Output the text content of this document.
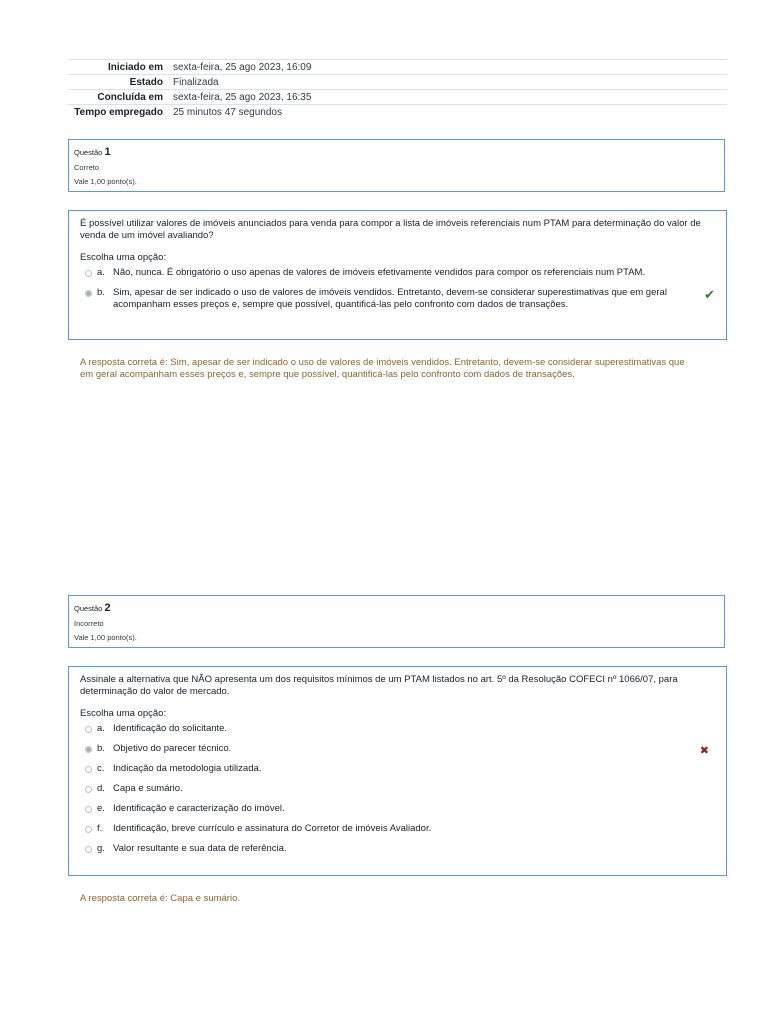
Iniciado em	sexta-feira, 25 ago 2023, 16:09
Estado	Finalizada
Concluída em	sexta-feira, 25 ago 2023, 16:35
Tempo empregado	25 minutos 47 segundos
Questão 1
Correto
Vale 1,00 ponto(s).

É possível utilizar valores de imóveis anunciados para venda para compor a lista de imóveis referenciais num PTAM para determinação do valor de venda de um imóvel avaliando?

Escolha uma opção:
a. Não, nunca. É obrigatório o uso apenas de valores de imóveis efetivamente vendidos para compor os referenciais num PTAM.
b. Sim, apesar de ser indicado o uso de valores de imóveis vendidos. Entretanto, devem-se considerar superestimativas que em geral acompanham esses preços e, sempre que possível, quantificá-las pelo confronto com dados de transações.
✔
A resposta correta é: Sim, apesar de ser indicado o uso de valores de imóveis vendidos. Entretanto, devem-se considerar superestimativas que em geral acompanham esses preços e, sempre que possível, quantificá-las pelo confronto com dados de transações.
Questão 2
Incorreto
Vale 1,00 ponto(s).

Assinale a alternativa que NÃO apresenta um dos requisitos mínimos de um PTAM listados no art. 5º da Resolução COFECI nº 1066/07, para determinação do valor de mercado.

Escolha uma opção:
a. Identificação do solicitante.
b. Objetivo do parecer técnico.	✖
c. Indicação da metodologia utilizada.
d. Capa e sumário.
e. Identificação e caracterização do imóvel.
f.	Identificação, breve currículo e assinatura do Corretor de imóveis Avaliador.
g. Valor resultante e sua data de referência.
A resposta correta é: Capa e sumário.
